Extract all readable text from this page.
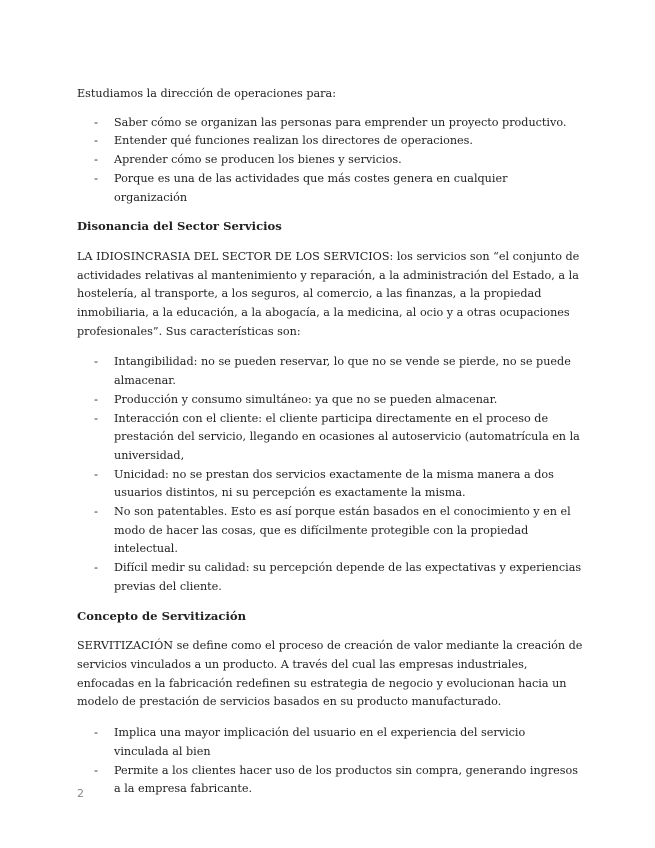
Estudiamos la dirección de operaciones para:

-	Saber cómo se organizan las personas para emprender un proyecto productivo.
-	Entender qué funciones realizan los directores de operaciones.
-	Aprender cómo se producen los bienes y servicios.
-	Porque es una de las actividades que más costes genera en cualquier organización

Disonancia del Sector Servicios

LA IDIOSINCRASIA DEL SECTOR DE LOS SERVICIOS: los servicios son “el conjunto de actividades relativas al mantenimiento y reparación, a la administración del Estado, a la hostelería, al transporte, a los seguros, al comercio, a las finanzas, a la propiedad inmobiliaria, a la educación, a la abogacía, a la medicina, al ocio y a otras ocupaciones profesionales”. Sus características son:

-	Intangibilidad: no se pueden reservar, lo que no se vende se pierde, no se puede almacenar.
-	Producción y consumo simultáneo: ya que no se pueden almacenar.
-	Interacción con el cliente: el cliente participa directamente en el proceso de prestación del servicio, llegando en ocasiones al autoservicio (automatrícula en la universidad,
-	Unicidad: no se prestan dos servicios exactamente de la misma manera a dos usuarios distintos, ni su percepción es exactamente la misma.
-	No son patentables. Esto es así porque están basados en el conocimiento y en el modo de hacer las cosas, que es difícilmente protegible con la propiedad intelectual.
-	Difícil medir su calidad: su percepción depende de las expectativas y experiencias previas del cliente.

Concepto de Servitización

SERVITIZACIÓN se define como el proceso de creación de valor mediante la creación de servicios vinculados a un producto. A través del cual las empresas industriales, enfocadas en la fabricación redefinen su estrategia de negocio y evolucionan hacia un modelo de prestación de servicios basados en su producto manufacturado.

-	Implica una mayor implicación del usuario en el experiencia del servicio vinculada al bien
-	Permite a los clientes hacer uso de los productos sin compra, generando ingresos a la empresa fabricante.
2
